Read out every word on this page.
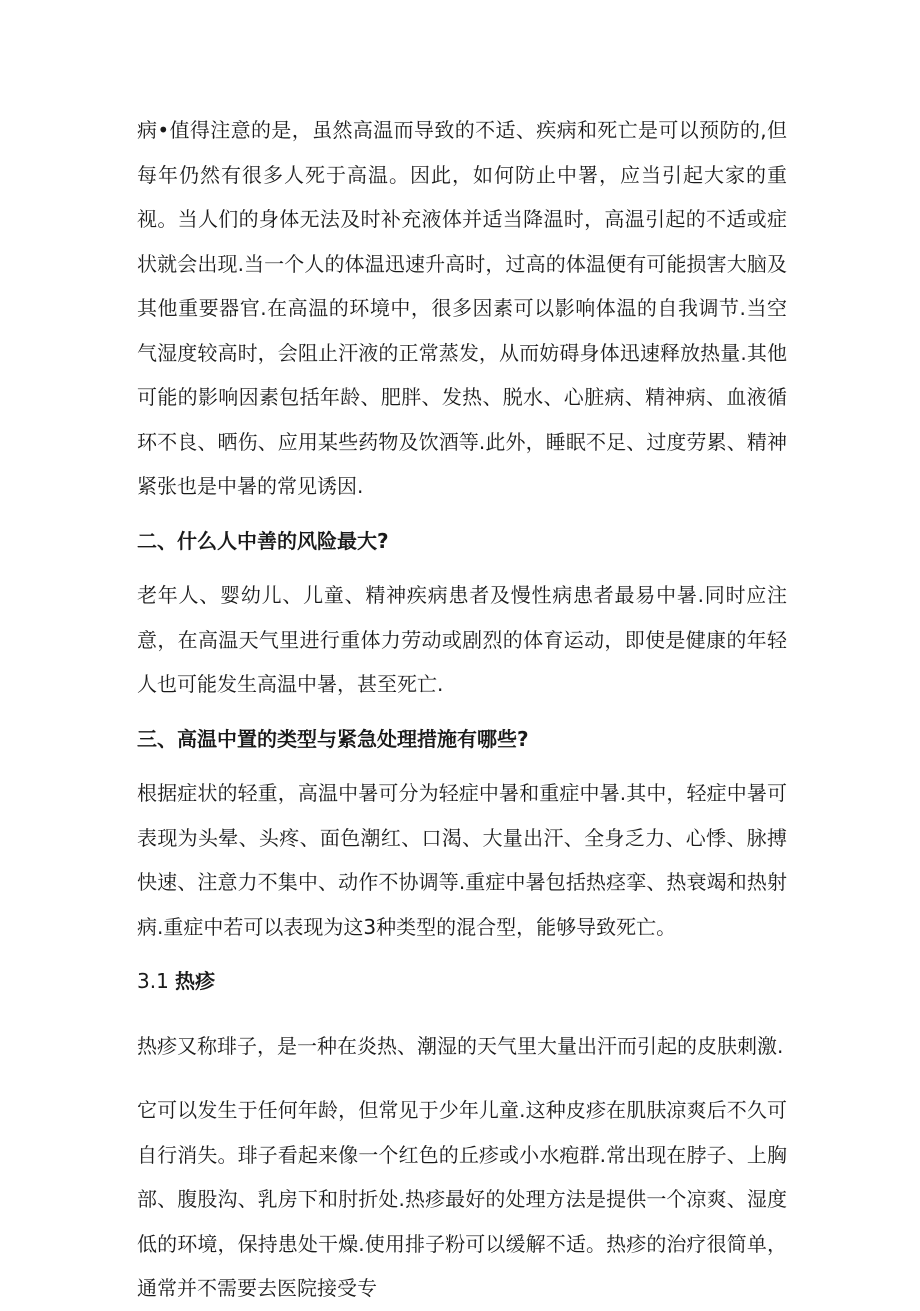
病•值得注意的是，虽然高温而导致的不适、疾病和死亡是可以预防的,但每年仍然有很多人死于高温。因此，如何防止中署，应当引起大家的重视。当人们的身体无法及时补充液体并适当降温时，高温引起的不适或症状就会出现.当一个人的体温迅速升高时，过高的体温便有可能损害大脑及其他重要器官.在高温的环境中，很多因素可以影响体温的自我调节.当空气湿度较高时，会阻止汗液的正常蒸发，从而妨碍身体迅速释放热量.其他可能的影响因素包括年龄、肥胖、发热、脱水、心脏病、精神病、血液循环不良、晒伤、应用某些药物及饮酒等.此外，睡眠不足、过度劳累、精神紧张也是中暑的常见诱因.

二、什么人中善的风险最大?

老年人、婴幼儿、儿童、精神疾病患者及慢性病患者最易中暑.同时应注意，在高温天气里进行重体力劳动或剧烈的体育运动，即使是健康的年轻人也可能发生高温中暑，甚至死亡.

三、高温中置的类型与紧急处理措施有哪些?

根据症状的轻重，高温中暑可分为轻症中暑和重症中暑.其中，轻症中暑可表现为头晕、头疼、面色潮红、口渴、大量出汗、全身乏力、心悸、脉搏快速、注意力不集中、动作不协调等.重症中暑包括热痉挛、热衰竭和热射病.重症中若可以表现为这3种类型的混合型，能够导致死亡。

3.1 热疹

热疹又称琲子，是一种在炎热、潮湿的天气里大量出汗而引起的皮肤刺激.

它可以发生于任何年龄，但常见于少年儿童.这种皮疹在肌肤凉爽后不久可自行消失。琲子看起来像一个红色的丘疹或小水疱群.常出现在脖子、上胸部、腹股沟、乳房下和肘折处.热疹最好的处理方法是提供一个凉爽、湿度低的环境，保持患处干燥.使用排子粉可以缓解不适。热疹的治疗很简单，通常并不需要去医院接受专
